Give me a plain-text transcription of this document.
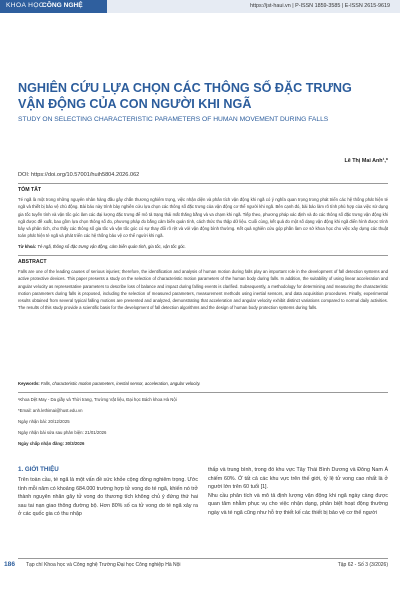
KHOA HỌC
CÔNG NGHỆ	https://jst-haui.vn | P-ISSN 1859-3585 | E-ISSN 2615-9619
NGHIÊN CỨU LỰA CHỌN CÁC THÔNG SỐ ĐẶC TRƯNG
VẬN ĐỘNG CỦA CON NGƯỜI KHI NGÃ
STUDY ON SELECTING CHARACTERISTIC PARAMETERS OF HUMAN MOVEMENT DURING FALLS
Lê Thị Mai Anh¹,*
DOI: https://doi.org/10.57001/huih5804.2026.062
TÓM TẮT
Té ngã là một trong những nguyên nhân hàng đầu gây chấn thương nghiêm trọng, việc nhận diện và phân tích vận động khi ngã có ý nghĩa quan trọng trong phát triển các hệ thống phát hiện té ngã và thiết bị bảo vệ chủ động. Bài báo này trình bày nghiên cứu lựa chọn các thông số đặc trưng của vận động cơ thể người khi ngã. Bên cạnh đó, bài báo làm rõ tính phù hợp của việc sử dụng gia tốc tuyến tính và vận tốc góc làm các đại lượng đặc trưng để mô tả trạng thái mất thăng bằng và va chạm khi ngã. Tiếp theo, phương pháp xác định và đo các thông số đặc trưng vận động khi ngã được đề xuất, bao gồm lựa chọn thông số đo, phương pháp đo bằng cảm biến quán tính, cách thức thu thập dữ liệu. Cuối cùng, kết quả đo một số dạng vận động khi ngã điển hình được trình bày và phân tích, cho thấy các thông số gia tốc và vận tốc góc có sự thay đổi rõ rệt và với vận động bình thường. Kết quả nghiên cứu góp phần làm cơ sở khoa học cho việc xây dựng các thuật toán phát hiện té ngã và phát triển các hệ thống bảo vệ cơ thể người khi ngã.
Từ khoá: Té ngã, thông số đặc trưng vận động, cảm biến quán tính, gia tốc, vận tốc góc.
ABSTRACT
Falls are one of the leading causes of serious injuries; therefore, the identification and analysis of human motion during falls play an important role in the development of fall detection systems and active protective devices. This paper presents a study on the selection of characteristic motion parameters of the human body during falls. In addition, the suitability of using linear acceleration and angular velocity as representative parameters to describe loss of balance and impact during falling events is clarified. Subsequently, a methodology for determining and measuring the characteristic motion parameters during falls is proposed, including the selection of measured parameters, measurement methods using inertial sensors, and data acquisition procedures. Finally, experimental results obtained from several typical falling motions are presented and analyzed, demonstrating that acceleration and angular velocity exhibit distinct variations compared to normal daily activities. The results of this study provide a scientific basis for the development of fall detection algorithms and the design of human body protection systems during falls.
Keywords: Falls, characteristic motion parameters, inertial sensor, acceleration, angular velocity.
¹Khoa Dệt May - Da giầy và Thời trang, Trường Vật liệu, Đại học Bách khoa Hà Nội
*Email: anh.lethimai@hust.edu.vn
Ngày nhận bài: 20/12/2025
Ngày nhận bài sửa sau phản biện: 21/01/2026
Ngày chấp nhận đăng: 30/3/2026
1. GIỚI THIỆU
Trên toàn cầu, té ngã là một vấn đề sức khỏe cộng đồng nghiêm trọng. Ước tính mỗi năm có khoảng 684.000 trường hợp tử vong do té ngã, khiến nó trở thành nguyên nhân gây tử vong do thương tích không chủ ý đứng thứ hai sau tai nạn giao thông đường bộ. Hơn 80% số ca tử vong do té ngã xảy ra ở các quốc gia có thu nhập
thấp và trung bình, trong đó khu vực Tây Thái Bình Dương và Đông Nam Á chiếm 60%. Ở tất cả các khu vực trên thế giới, tỷ lệ tử vong cao nhất là ở người lớn trên 60 tuổi [1].
Nhu cầu phân tích và mô tả định lượng vận động khi ngã ngày càng được quan tâm nhằm phục vụ cho việc nhận dạng, phân biệt hoạt động thường ngày và té ngã cũng như hỗ trợ thiết kế các thiết bị bảo vệ cơ thể người
186 Tạp chí Khoa học và Công nghệ Trường Đại học Công nghiệp Hà Nội	Tập 62 - Số 3 (3/2026)
